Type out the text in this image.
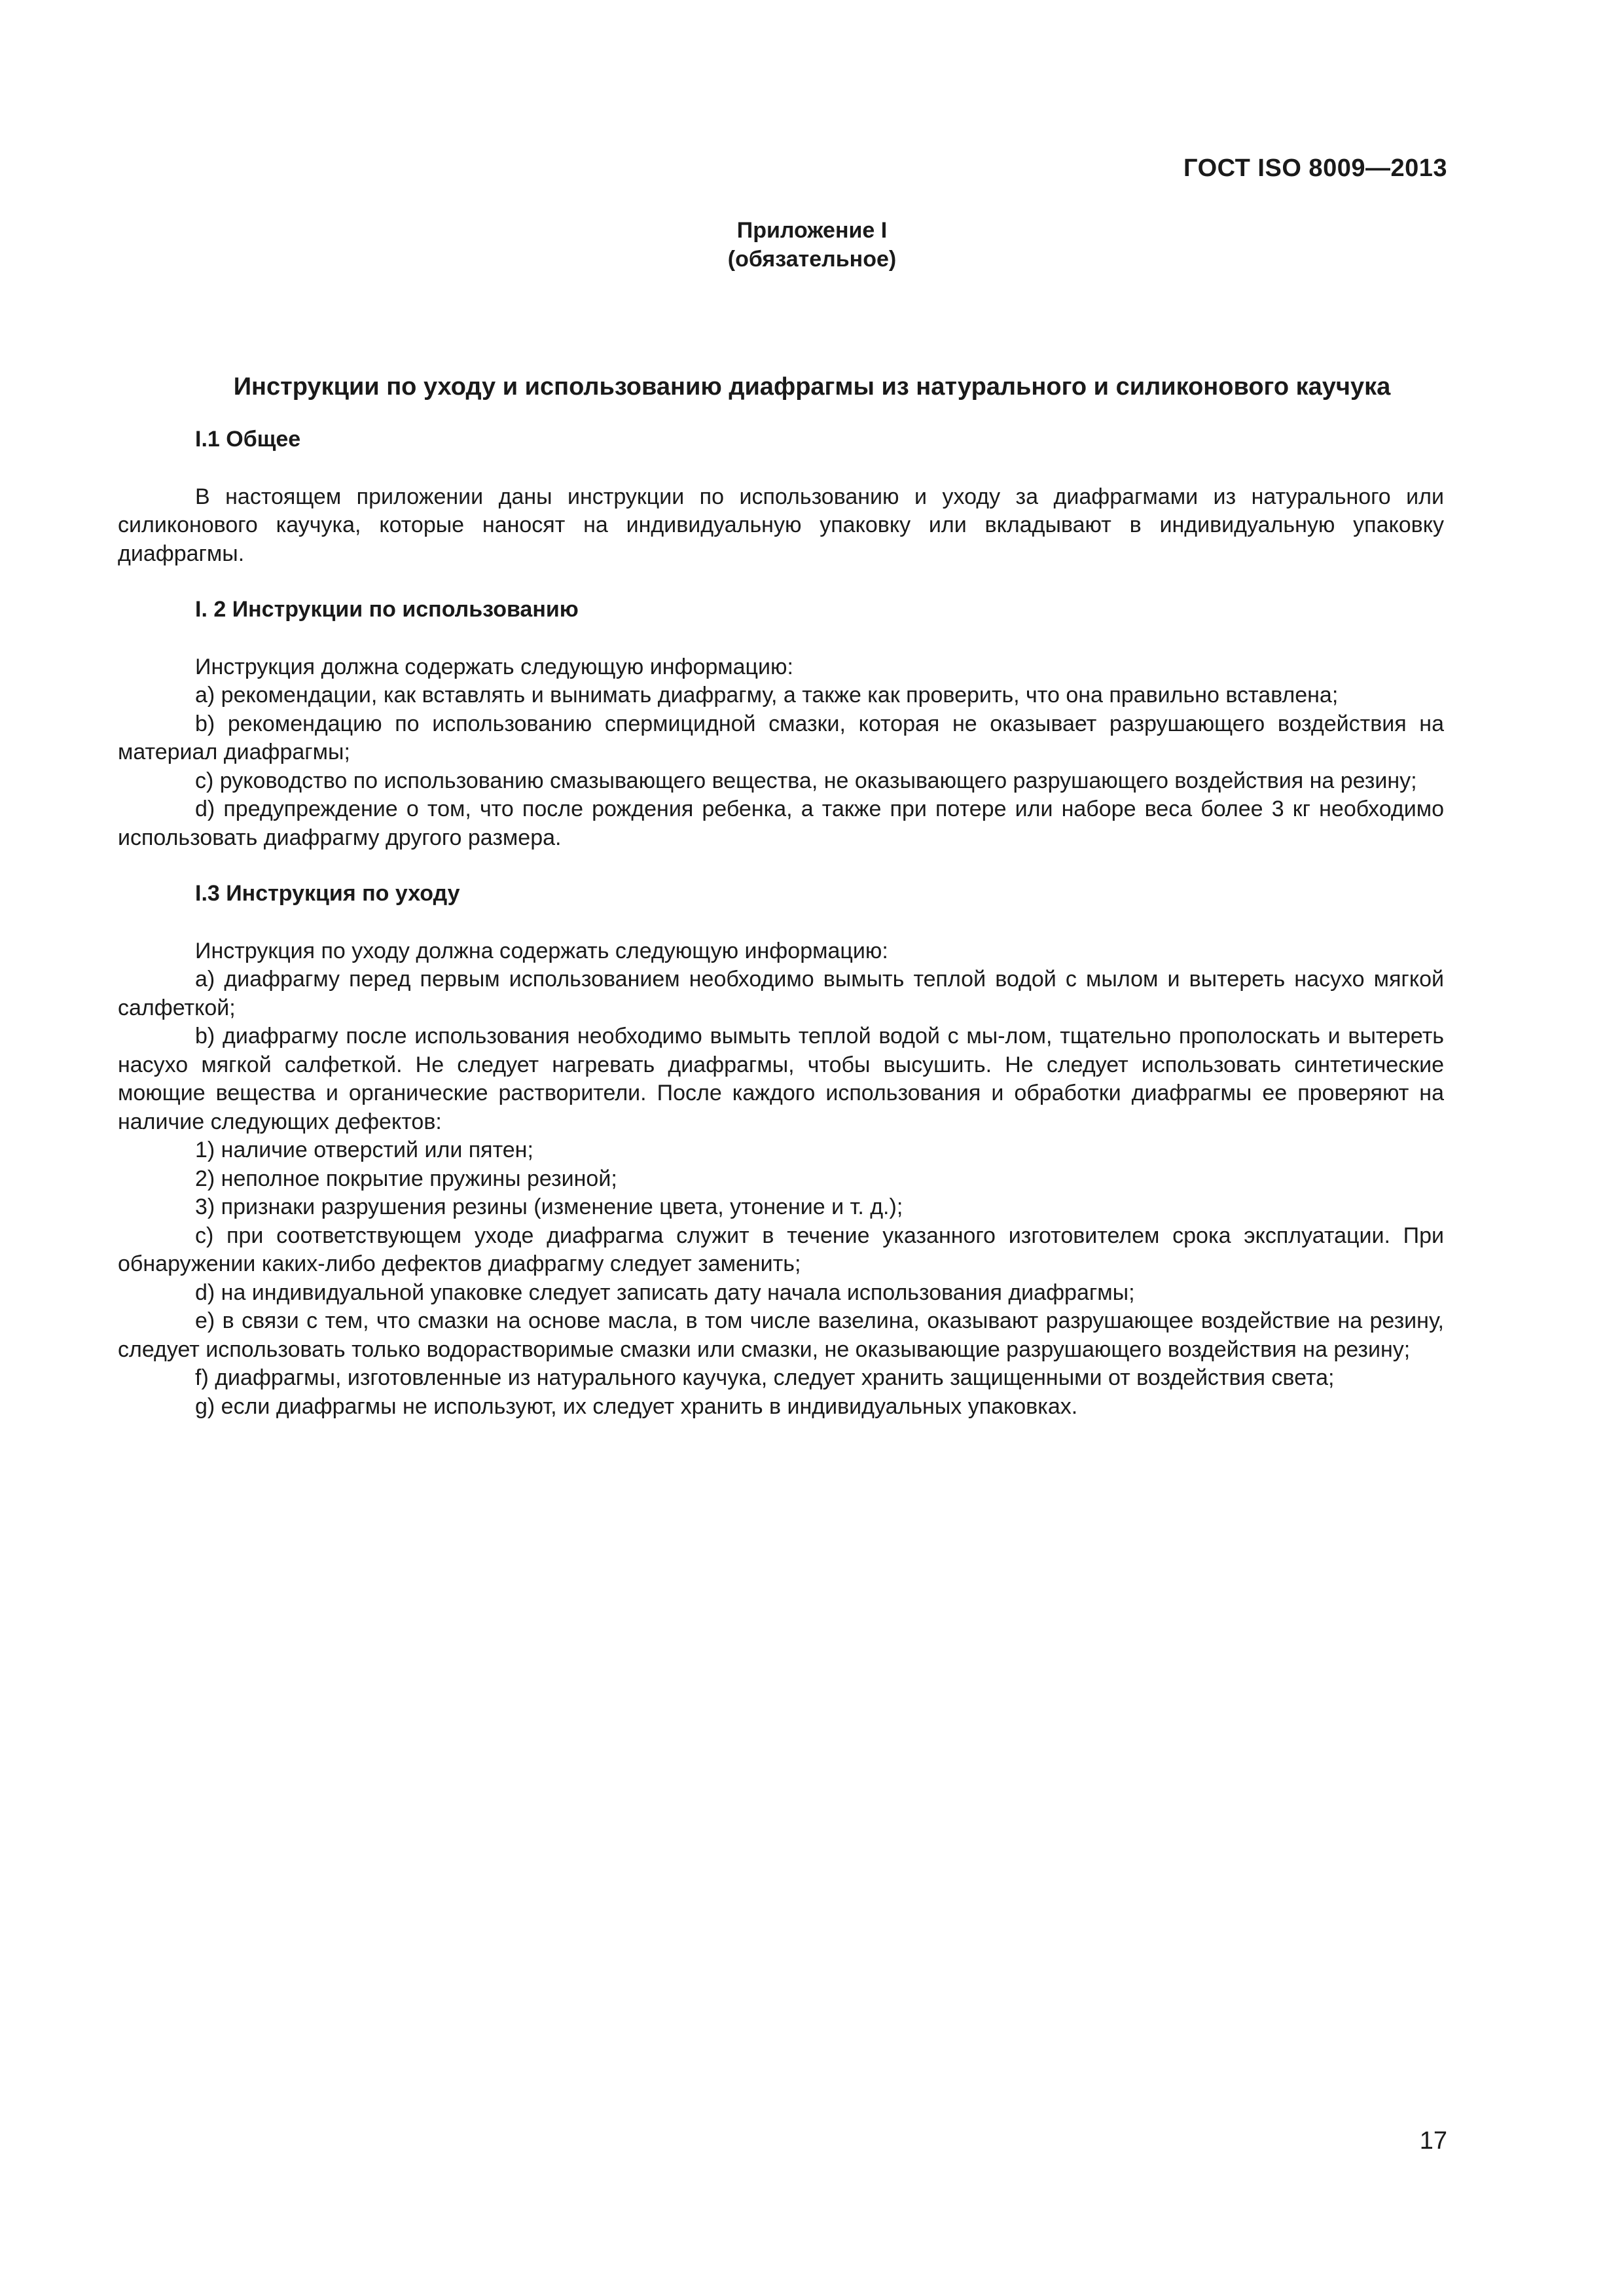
ГОСТ ISO 8009—2013
Приложение I
(обязательное)
Инструкции по уходу и использованию диафрагмы из натурального и силиконового каучука

I.1 Общее

В настоящем приложении даны инструкции по использованию и уходу за диафрагмами из натурального или силиконового каучука, которые наносят на индивидуальную упаковку или вкладывают в индивидуальную упаковку диафрагмы.

I. 2 Инструкции по использованию

Инструкция должна содержать следующую информацию:

a) рекомендации, как вставлять и вынимать диафрагму, а также как проверить, что она правильно вставлена;

b) рекомендацию по использованию спермицидной смазки, которая не оказывает разрушающего воздействия на материал диафрагмы;

c) руководство по использованию смазывающего вещества, не оказывающего разрушающего воздействия на резину;

d) предупреждение о том, что после рождения ребенка, а также при потере или наборе веса более 3 кг необходимо использовать диафрагму другого размера.

I.3 Инструкция по уходу

Инструкция по уходу должна содержать следующую информацию:

a) диафрагму перед первым использованием необходимо вымыть теплой водой с мылом и вытереть насухо мягкой салфеткой;

b) диафрагму после использования необходимо вымыть теплой водой с мы-лом, тщательно прополоскать и вытереть насухо мягкой салфеткой. Не следует нагревать диафрагмы, чтобы высушить. Не следует использовать синтетические моющие вещества и органические растворители. После каждого использования и обработки диафрагмы ее проверяют на наличие следующих дефектов:

1) наличие отверстий или пятен;

2) неполное покрытие пружины резиной;

3) признаки разрушения резины (изменение цвета, утонение и т. д.);

c) при соответствующем уходе диафрагма служит в течение указанного изготовителем срока эксплуатации. При обнаружении каких-либо дефектов диафрагму следует заменить;

d) на индивидуальной упаковке следует записать дату начала использования диафрагмы;

e) в связи с тем, что смазки на основе масла, в том числе вазелина, оказывают разрушающее воздействие на резину, следует использовать только водорастворимые смазки или смазки, не оказывающие разрушающего воздействия на резину;

f) диафрагмы, изготовленные из натурального каучука, следует хранить защищенными от воздействия света;

g) если диафрагмы не используют, их следует хранить в индивидуальных упаковках.

17
